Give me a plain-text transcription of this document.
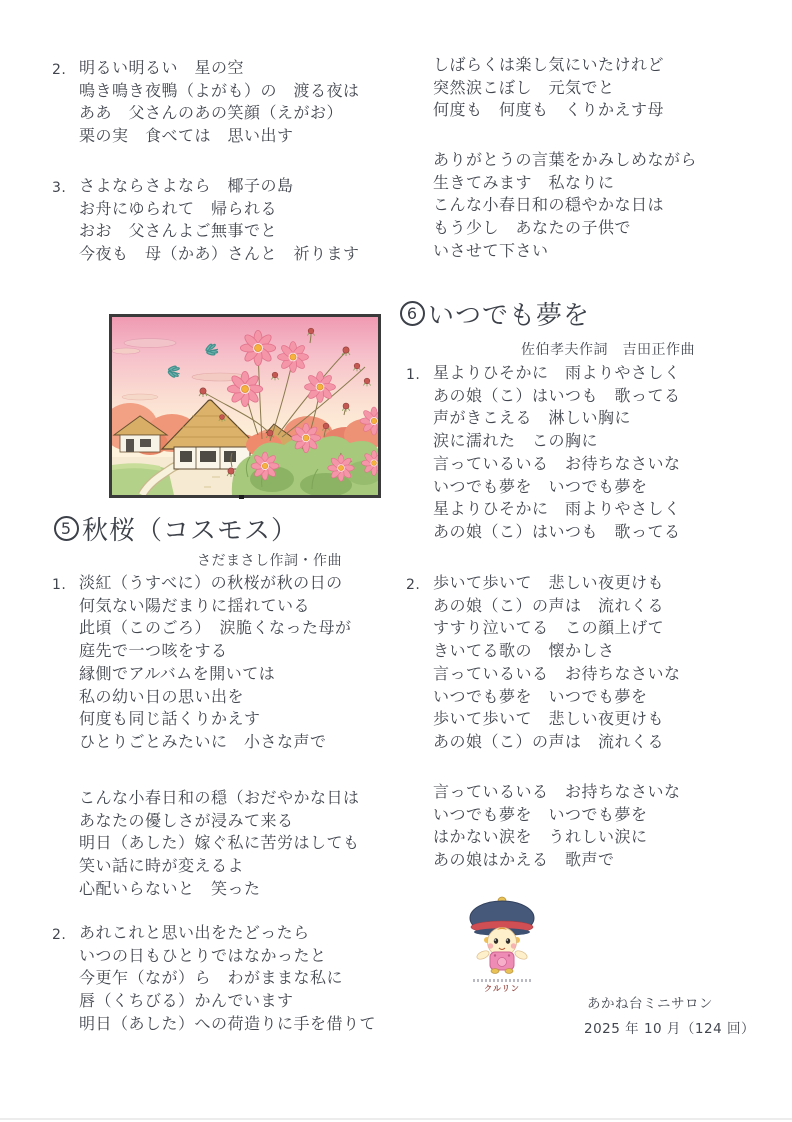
2. 明るい明るい　星の空
鳴き鳴き夜鴨（よがも）の　渡る夜は
ああ　父さんのあの笑顔（えがお）
栗の実　食べては　思い出す
3. さよならさよなら　椰子の島
お舟にゆられて　帰られる
おお　父さんよご無事でと
今夜も　母（かあ）さんと　祈ります
5 秋桜（コスモス）
さだまさし作詞・作曲
1. 淡紅（うすべに）の秋桜が秋の日の
何気ない陽だまりに揺れている
此頃（このごろ）　涙脆くなった母が
庭先で一つ咳をする
縁側でアルバムを開いては
私の幼い日の思い出を
何度も同じ話くりかえす
ひとりごとみたいに　小さな声で
こんな小春日和の穏（おだやかな日は
あなたの優しさが浸みて来る
明日（あした）嫁ぐ私に苦労はしても
笑い話に時が変えるよ
心配いらないと　笑った
2. あれこれと思い出をたどったら
いつの日もひとりではなかったと
今更乍（なが）ら　わがままな私に
唇（くちびる）かんでいます
明日（あした）への荷造りに手を借りて
しばらくは楽し気にいたけれど
突然涙こぼし　元気でと
何度も　何度も　くりかえす母
ありがとうの言葉をかみしめながら
生きてみます　私なりに
こんな小春日和の穏やかな日は
もう少し　あなたの子供で
いさせて下さい
6 いつでも夢を
佐伯孝夫作詞　吉田正作曲
1. 星よりひそかに　雨よりやさしく
あの娘（こ）はいつも　歌ってる
声がきこえる　淋しい胸に
涙に濡れた　この胸に
言っているいる　お待ちなさいな
いつでも夢を　いつでも夢を
星よりひそかに　雨よりやさしく
あの娘（こ）はいつも　歌ってる
2. 歩いて歩いて　悲しい夜更けも
あの娘（こ）の声は　流れくる
すすり泣いてる　この顔上げて
きいてる歌の　懐かしさ
言っているいる　お待ちなさいな
いつでも夢を　いつでも夢を
歩いて歩いて　悲しい夜更けも
あの娘（こ）の声は　流れくる
言っているいる　お持ちなさいな
いつでも夢を　いつでも夢を
はかない涙を　うれしい涙に
あの娘はかえる　歌声で
クルリン
あかね台ミニサロン
2025 年 10 月（124 回）
